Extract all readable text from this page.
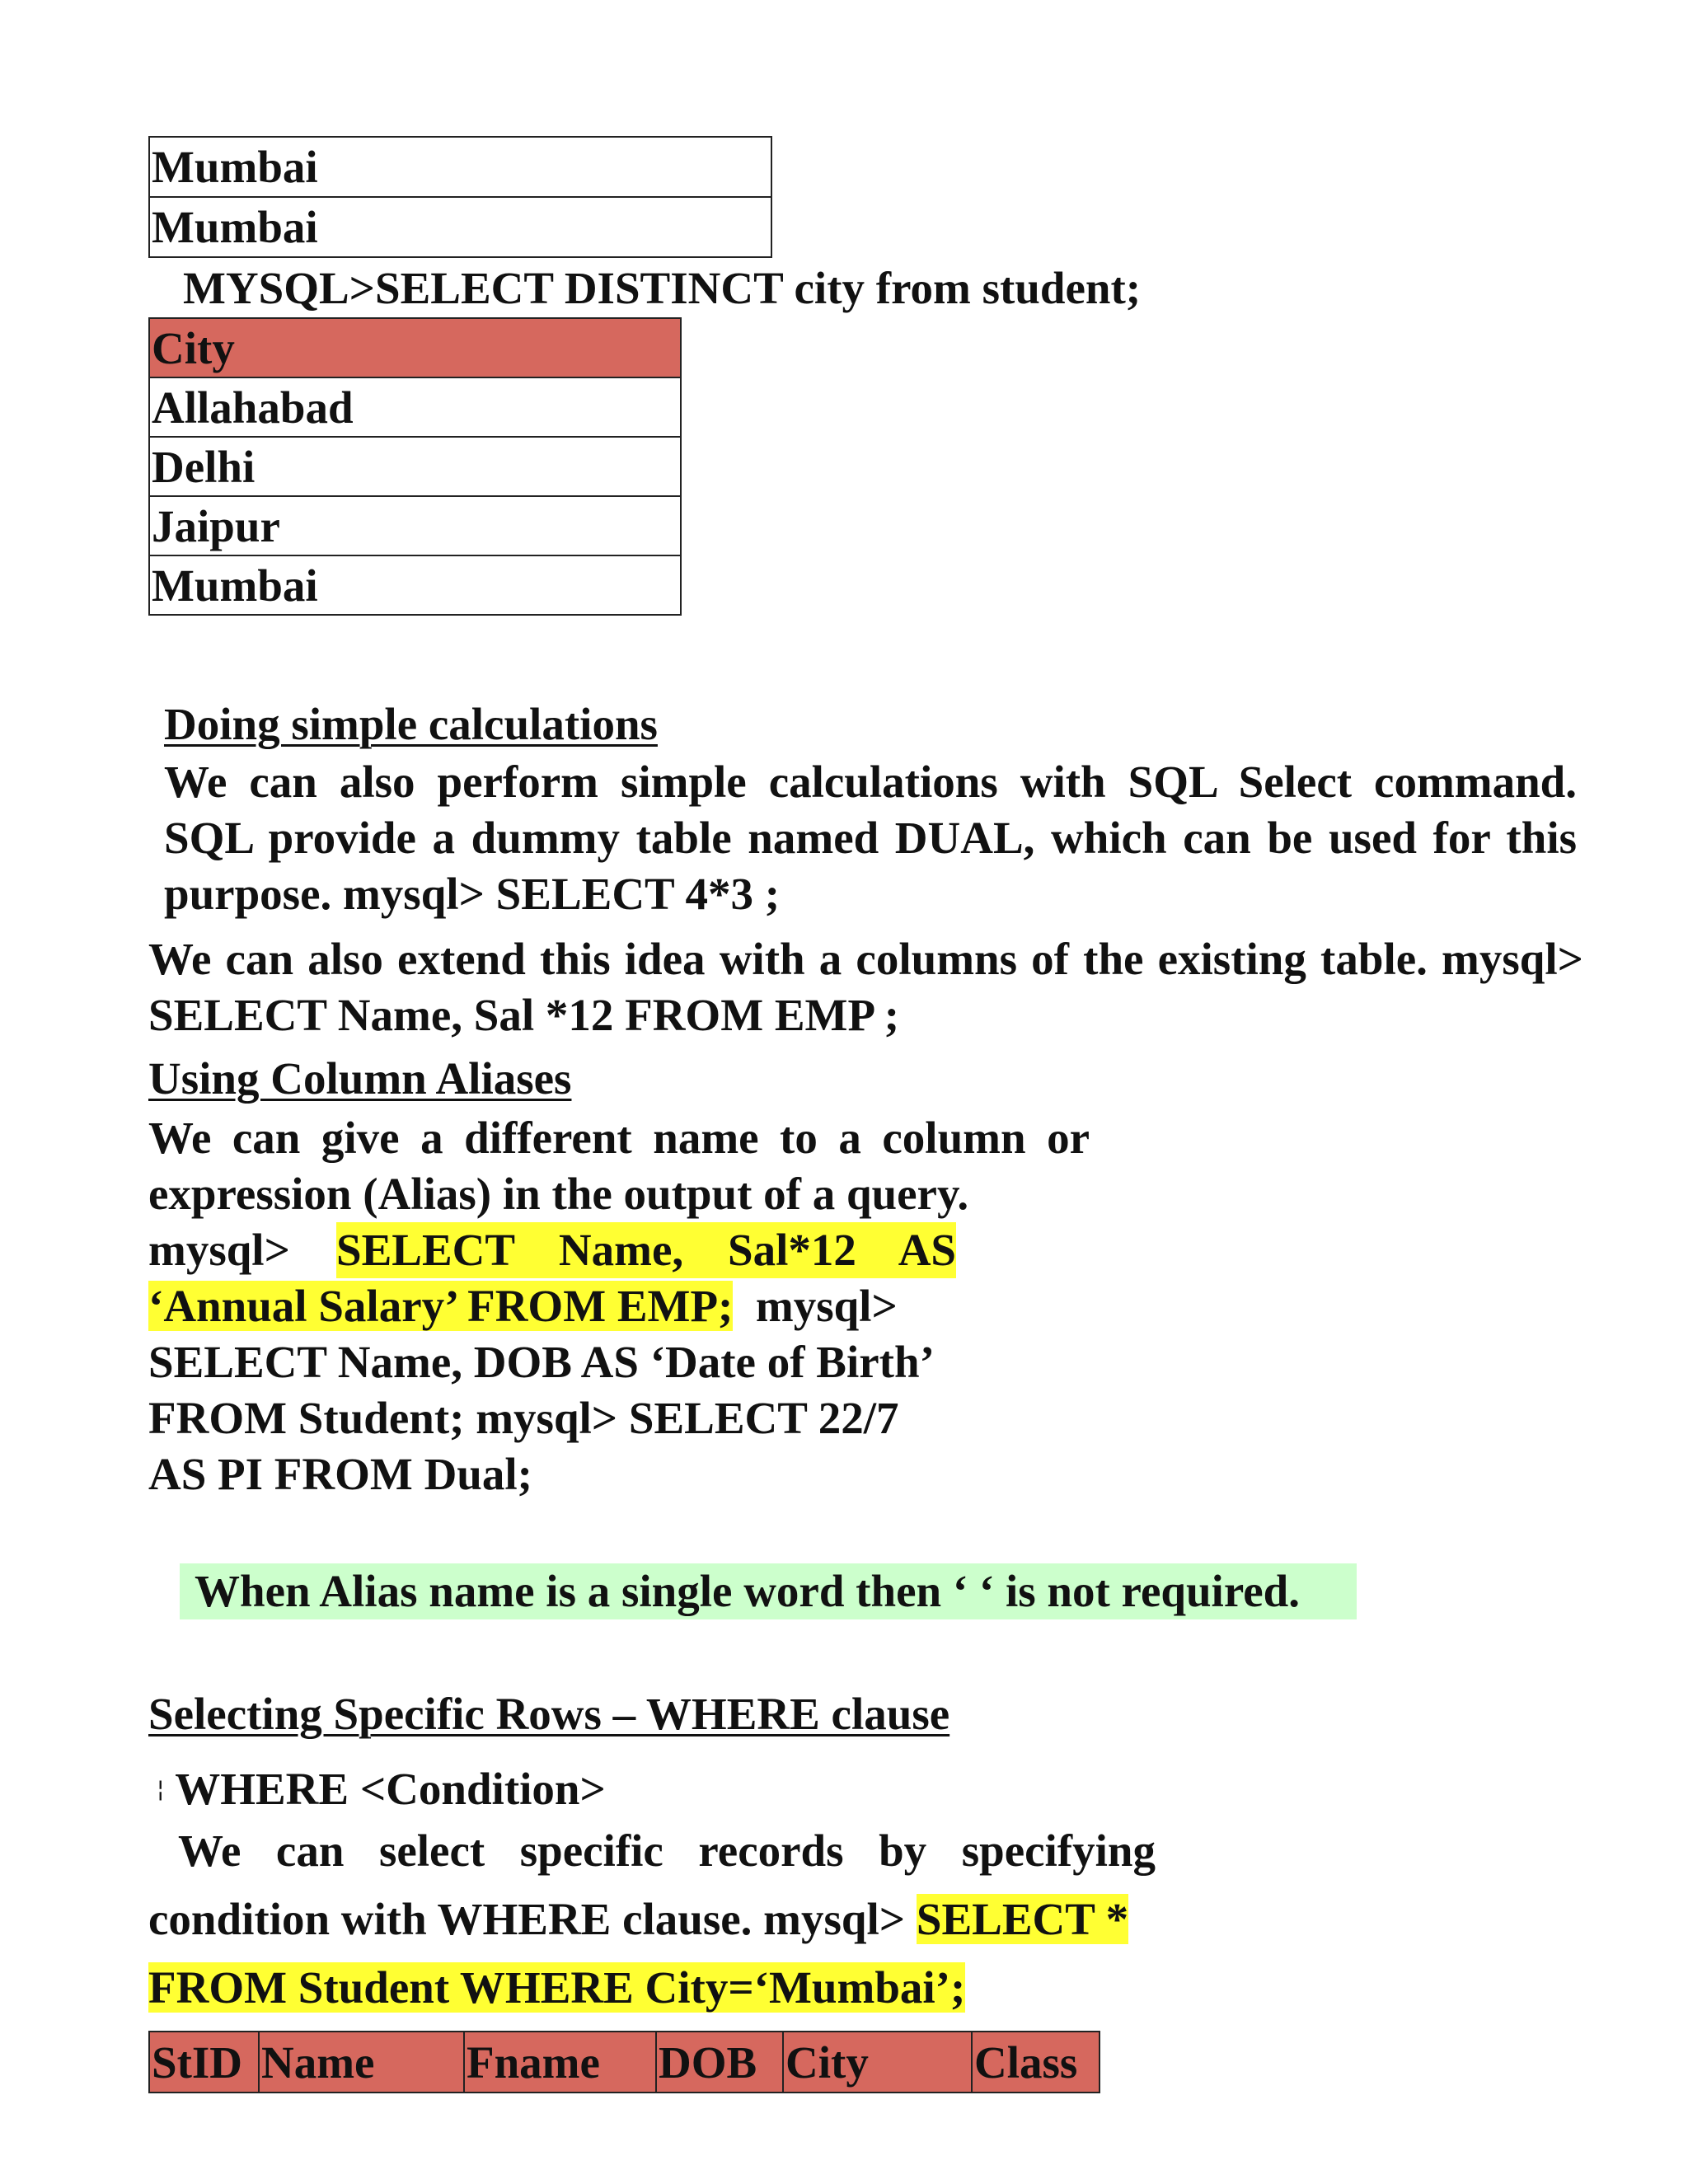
Mumbai
Mumbai
MYSQL>SELECT DISTINCT city from student;
City
Allahabad
Delhi
Jaipur
Mumbai
Doing simple calculations
We can also perform simple calculations with SQL Select command.
SQL provide a dummy table named DUAL, which can be used for this
purpose. mysql> SELECT 4*3 ;
We can also extend this idea with a columns of the existing table. mysql>
SELECT Name, Sal *12 FROM EMP ;
Using Column Aliases
We can give a different name to a column or
expression (Alias) in the output of a query.
mysql> SELECT Name, Sal*12 AS
‘Annual Salary’ FROM EMP; mysql>
SELECT Name, DOB AS ‘Date of Birth’
FROM Student; mysql> SELECT 22/7
AS PI FROM Dual;
When Alias name is a single word then ‘ ‘ is not required.
Selecting Specific Rows – WHERE clause
¦ WHERE <Condition>
We can select specific records by specifying
condition with WHERE clause. mysql> SELECT *
FROM Student WHERE City=‘Mumbai’;
StID	Name	Fname	DOB	City	Class
